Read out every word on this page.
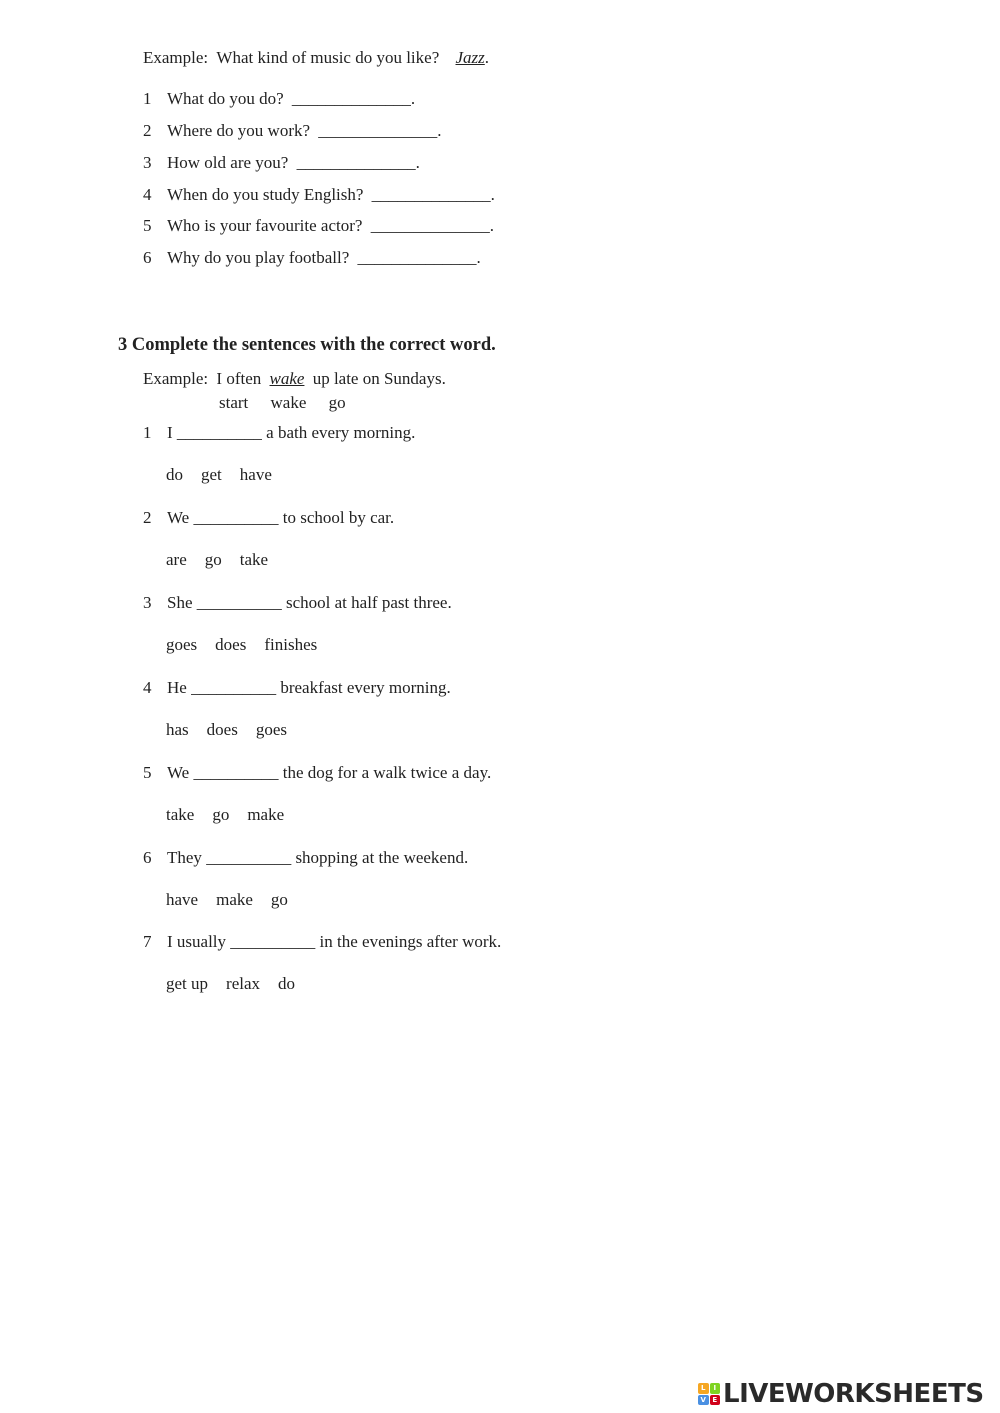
Example: What kind of music do you like? Jazz.
1 What do you do? ______________.
2 Where do you work? ______________.
3 How old are you? ______________.
4 When do you study English? ______________.
5 Who is your favourite actor? ______________.
6 Why do you play football? ______________.
3 Complete the sentences with the correct word.
Example: I often wake up late on Sundays.
start wake go
1 I __________ a bath every morning.
do get have
2 We __________ to school by car.
are go take
3 She __________ school at half past three.
goes does finishes
4 He __________ breakfast every morning.
has does goes
5 We __________ the dog for a walk twice a day.
take go make
6 They __________ shopping at the weekend.
have make go
7 I usually __________ in the evenings after work.
get up relax do
L	I
V E LIVEWORKSHEETS
